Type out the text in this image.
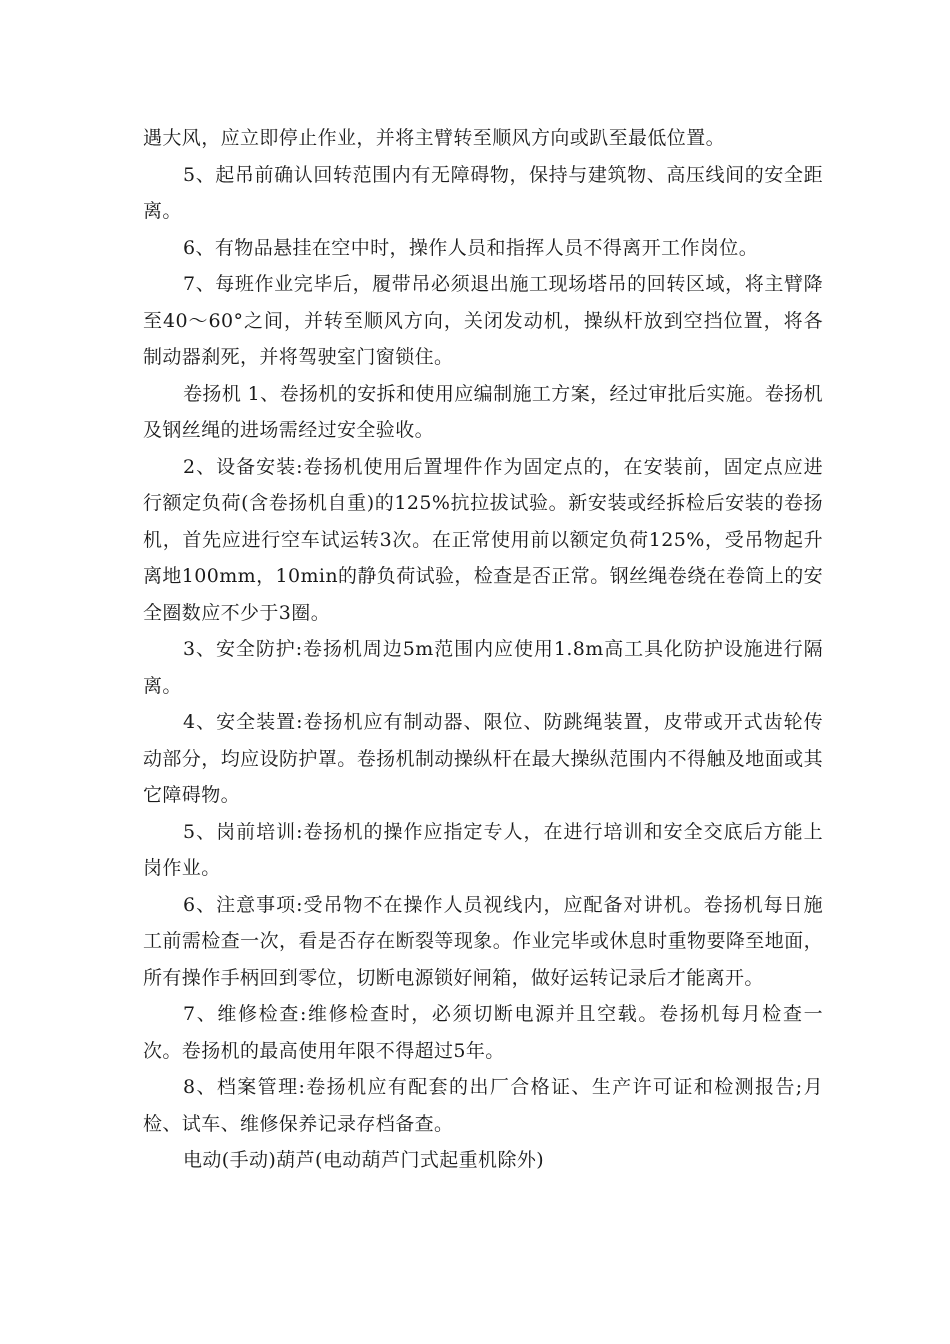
遇大风，应立即停止作业，并将主臂转至顺风方向或趴至最低位置。

5、起吊前确认回转范围内有无障碍物，保持与建筑物、高压线间的安全距离。

6、有物品悬挂在空中时，操作人员和指挥人员不得离开工作岗位。

7、每班作业完毕后，履带吊必须退出施工现场塔吊的回转区域，将主臂降至40～60°之间，并转至顺风方向，关闭发动机，操纵杆放到空挡位置，将各制动器刹死，并将驾驶室门窗锁住。

卷扬机 1、卷扬机的安拆和使用应编制施工方案，经过审批后实施。卷扬机及钢丝绳的进场需经过安全验收。

2、设备安装:卷扬机使用后置埋件作为固定点的，在安装前，固定点应进行额定负荷(含卷扬机自重)的125%抗拉拔试验。新安装或经拆检后安装的卷扬机，首先应进行空车试运转3次。在正常使用前以额定负荷125%，受吊物起升离地100mm，10min的静负荷试验，检查是否正常。钢丝绳卷绕在卷筒上的安全圈数应不少于3圈。

3、安全防护:卷扬机周边5m范围内应使用1.8m高工具化防护设施进行隔离。

4、安全装置:卷扬机应有制动器、限位、防跳绳装置，皮带或开式齿轮传动部分，均应设防护罩。卷扬机制动操纵杆在最大操纵范围内不得触及地面或其它障碍物。

5、岗前培训:卷扬机的操作应指定专人，在进行培训和安全交底后方能上岗作业。

6、注意事项:受吊物不在操作人员视线内，应配备对讲机。卷扬机每日施工前需检查一次，看是否存在断裂等现象。作业完毕或休息时重物要降至地面，所有操作手柄回到零位，切断电源锁好闸箱，做好运转记录后才能离开。

7、维修检查:维修检查时，必须切断电源并且空载。卷扬机每月检查一次。卷扬机的最高使用年限不得超过5年。

8、档案管理:卷扬机应有配套的出厂合格证、生产许可证和检测报告;月检、试车、维修保养记录存档备查。

电动(手动)葫芦(电动葫芦门式起重机除外)
